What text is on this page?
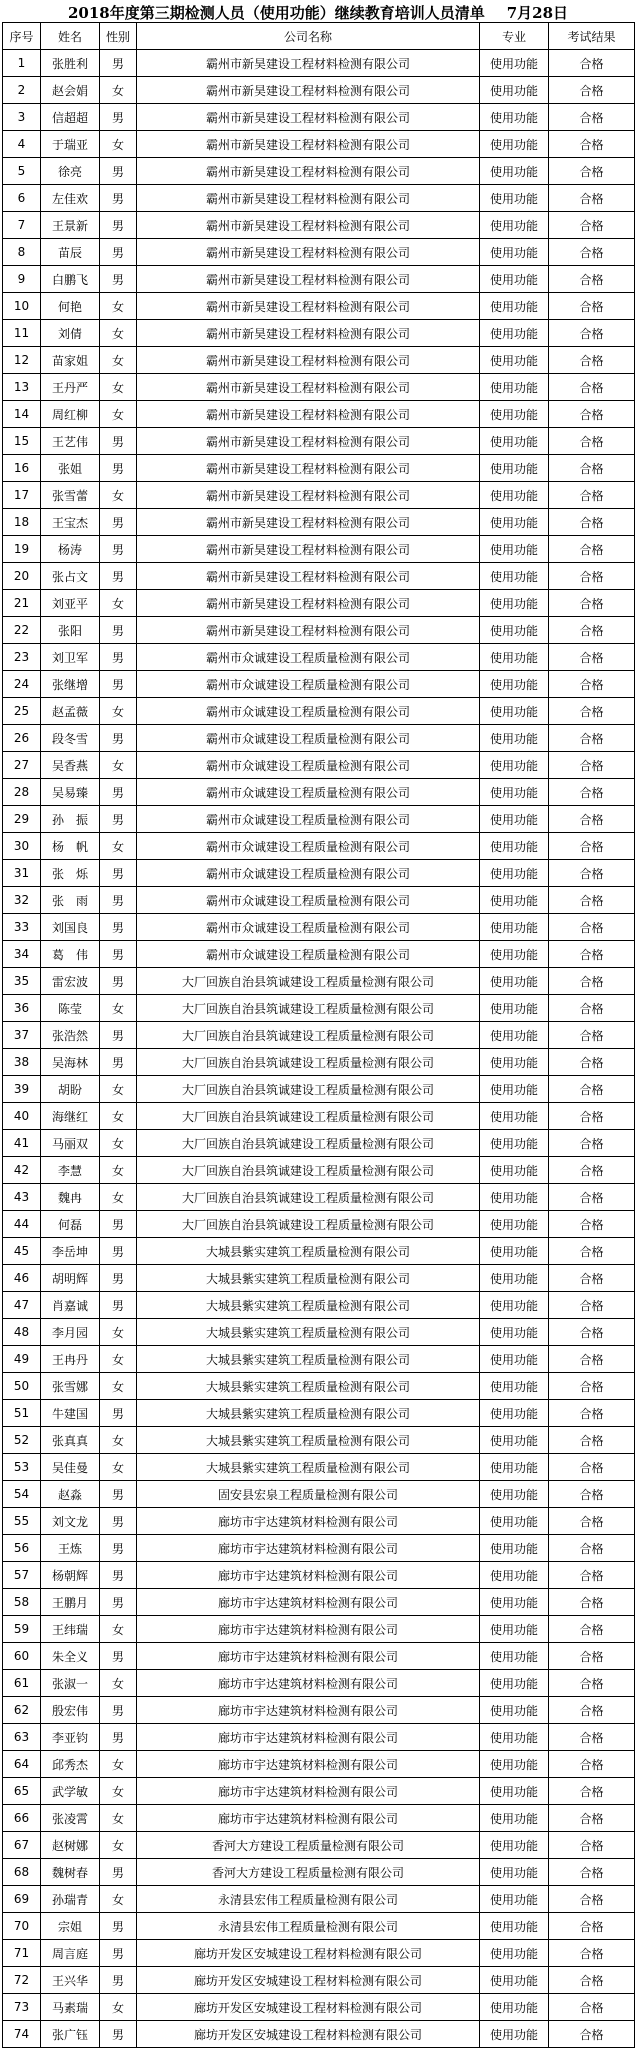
2018年度第三期检测人员（使用功能）继续教育培训人员清单 7月28日
序号	姓名	性别	公司名称	专业	考试结果
1	张胜利	男	霸州市新昊建设工程材料检测有限公司	使用功能	合格
2	赵会娟	女	霸州市新昊建设工程材料检测有限公司	使用功能	合格
3	信超超	男	霸州市新昊建设工程材料检测有限公司	使用功能	合格
4	于瑞亚	女	霸州市新昊建设工程材料检测有限公司	使用功能	合格
5	徐亮	男	霸州市新昊建设工程材料检测有限公司	使用功能	合格
6	左佳欢	男	霸州市新昊建设工程材料检测有限公司	使用功能	合格
7	王景新	男	霸州市新昊建设工程材料检测有限公司	使用功能	合格
8	苗辰	男	霸州市新昊建设工程材料检测有限公司	使用功能	合格
9	白鹏飞	男	霸州市新昊建设工程材料检测有限公司	使用功能	合格
10	何艳	女	霸州市新昊建设工程材料检测有限公司	使用功能	合格
11	刘倩	女	霸州市新昊建设工程材料检测有限公司	使用功能	合格
12	苗家姐	女	霸州市新昊建设工程材料检测有限公司	使用功能	合格
13	王丹严	女	霸州市新昊建设工程材料检测有限公司	使用功能	合格
14	周红柳	女	霸州市新昊建设工程材料检测有限公司	使用功能	合格
15	王艺伟	男	霸州市新昊建设工程材料检测有限公司	使用功能	合格
16	张姐	男	霸州市新昊建设工程材料检测有限公司	使用功能	合格
17	张雪蕾	女	霸州市新昊建设工程材料检测有限公司	使用功能	合格
18	王宝杰	男	霸州市新昊建设工程材料检测有限公司	使用功能	合格
19	杨涛	男	霸州市新昊建设工程材料检测有限公司	使用功能	合格
20	张占文	男	霸州市新昊建设工程材料检测有限公司	使用功能	合格
21	刘亚平	女	霸州市新昊建设工程材料检测有限公司	使用功能	合格
22	张阳	男	霸州市新昊建设工程材料检测有限公司	使用功能	合格
23	刘卫军	男	霸州市众诚建设工程质量检测有限公司	使用功能	合格
24	张继增	男	霸州市众诚建设工程质量检测有限公司	使用功能	合格
25	赵孟薇	女	霸州市众诚建设工程质量检测有限公司	使用功能	合格
26	段冬雪	男	霸州市众诚建设工程质量检测有限公司	使用功能	合格
27	吴香燕	女	霸州市众诚建设工程质量检测有限公司	使用功能	合格
28	吴易臻	男	霸州市众诚建设工程质量检测有限公司	使用功能	合格
29	孙　振	男	霸州市众诚建设工程质量检测有限公司	使用功能	合格
30	杨　帆	女	霸州市众诚建设工程质量检测有限公司	使用功能	合格
31	张　烁	男	霸州市众诚建设工程质量检测有限公司	使用功能	合格
32	张　雨	男	霸州市众诚建设工程质量检测有限公司	使用功能	合格
33	刘国良	男	霸州市众诚建设工程质量检测有限公司	使用功能	合格
34	葛　伟	男	霸州市众诚建设工程质量检测有限公司	使用功能	合格
35	雷宏波	男	大厂回族自治县筑诚建设工程质量检测有限公司	使用功能	合格
36	陈莹	女	大厂回族自治县筑诚建设工程质量检测有限公司	使用功能	合格
37	张浩然	男	大厂回族自治县筑诚建设工程质量检测有限公司	使用功能	合格
38	吴海林	男	大厂回族自治县筑诚建设工程质量检测有限公司	使用功能	合格
39	胡盼	女	大厂回族自治县筑诚建设工程质量检测有限公司	使用功能	合格
40	海继红	女	大厂回族自治县筑诚建设工程质量检测有限公司	使用功能	合格
41	马丽双	女	大厂回族自治县筑诚建设工程质量检测有限公司	使用功能	合格
42	李慧	女	大厂回族自治县筑诚建设工程质量检测有限公司	使用功能	合格
43	魏冉	女	大厂回族自治县筑诚建设工程质量检测有限公司	使用功能	合格
44	何磊	男	大厂回族自治县筑诚建设工程质量检测有限公司	使用功能	合格
45	李岳坤	男	大城县紫实建筑工程质量检测有限公司	使用功能	合格
46	胡明辉	男	大城县紫实建筑工程质量检测有限公司	使用功能	合格
47	肖嘉诚	男	大城县紫实建筑工程质量检测有限公司	使用功能	合格
48	李月园	女	大城县紫实建筑工程质量检测有限公司	使用功能	合格
49	王冉丹	女	大城县紫实建筑工程质量检测有限公司	使用功能	合格
50	张雪娜	女	大城县紫实建筑工程质量检测有限公司	使用功能	合格
51	牛建国	男	大城县紫实建筑工程质量检测有限公司	使用功能	合格
52	张真真	女	大城县紫实建筑工程质量检测有限公司	使用功能	合格
53	吴佳曼	女	大城县紫实建筑工程质量检测有限公司	使用功能	合格
54	赵淼	男	固安县宏泉工程质量检测有限公司	使用功能	合格
55	刘文龙	男	廊坊市宇达建筑材料检测有限公司	使用功能	合格
56	王炼	男	廊坊市宇达建筑材料检测有限公司	使用功能	合格
57	杨朝辉	男	廊坊市宇达建筑材料检测有限公司	使用功能	合格
58	王鹏月	男	廊坊市宇达建筑材料检测有限公司	使用功能	合格
59	王纬瑞	女	廊坊市宇达建筑材料检测有限公司	使用功能	合格
60	朱全义	男	廊坊市宇达建筑材料检测有限公司	使用功能	合格
61	张淑一	女	廊坊市宇达建筑材料检测有限公司	使用功能	合格
62	殷宏伟	男	廊坊市宇达建筑材料检测有限公司	使用功能	合格
63	李亚钧	男	廊坊市宇达建筑材料检测有限公司	使用功能	合格
64	邱秀杰	女	廊坊市宇达建筑材料检测有限公司	使用功能	合格
65	武学敏	女	廊坊市宇达建筑材料检测有限公司	使用功能	合格
66	张凌霄	女	廊坊市宇达建筑材料检测有限公司	使用功能	合格
67	赵树娜	女	香河大方建设工程质量检测有限公司	使用功能	合格
68	魏树春	男	香河大方建设工程质量检测有限公司	使用功能	合格
69	孙瑞青	女	永清县宏伟工程质量检测有限公司	使用功能	合格
70	宗姐	男	永清县宏伟工程质量检测有限公司	使用功能	合格
71	周言庭	男	廊坊开发区安城建设工程材料检测有限公司	使用功能	合格
72	王兴华	男	廊坊开发区安城建设工程材料检测有限公司	使用功能	合格
73	马素瑞	女	廊坊开发区安城建设工程材料检测有限公司	使用功能	合格
74	张广钰	男	廊坊开发区安城建设工程材料检测有限公司	使用功能	合格
